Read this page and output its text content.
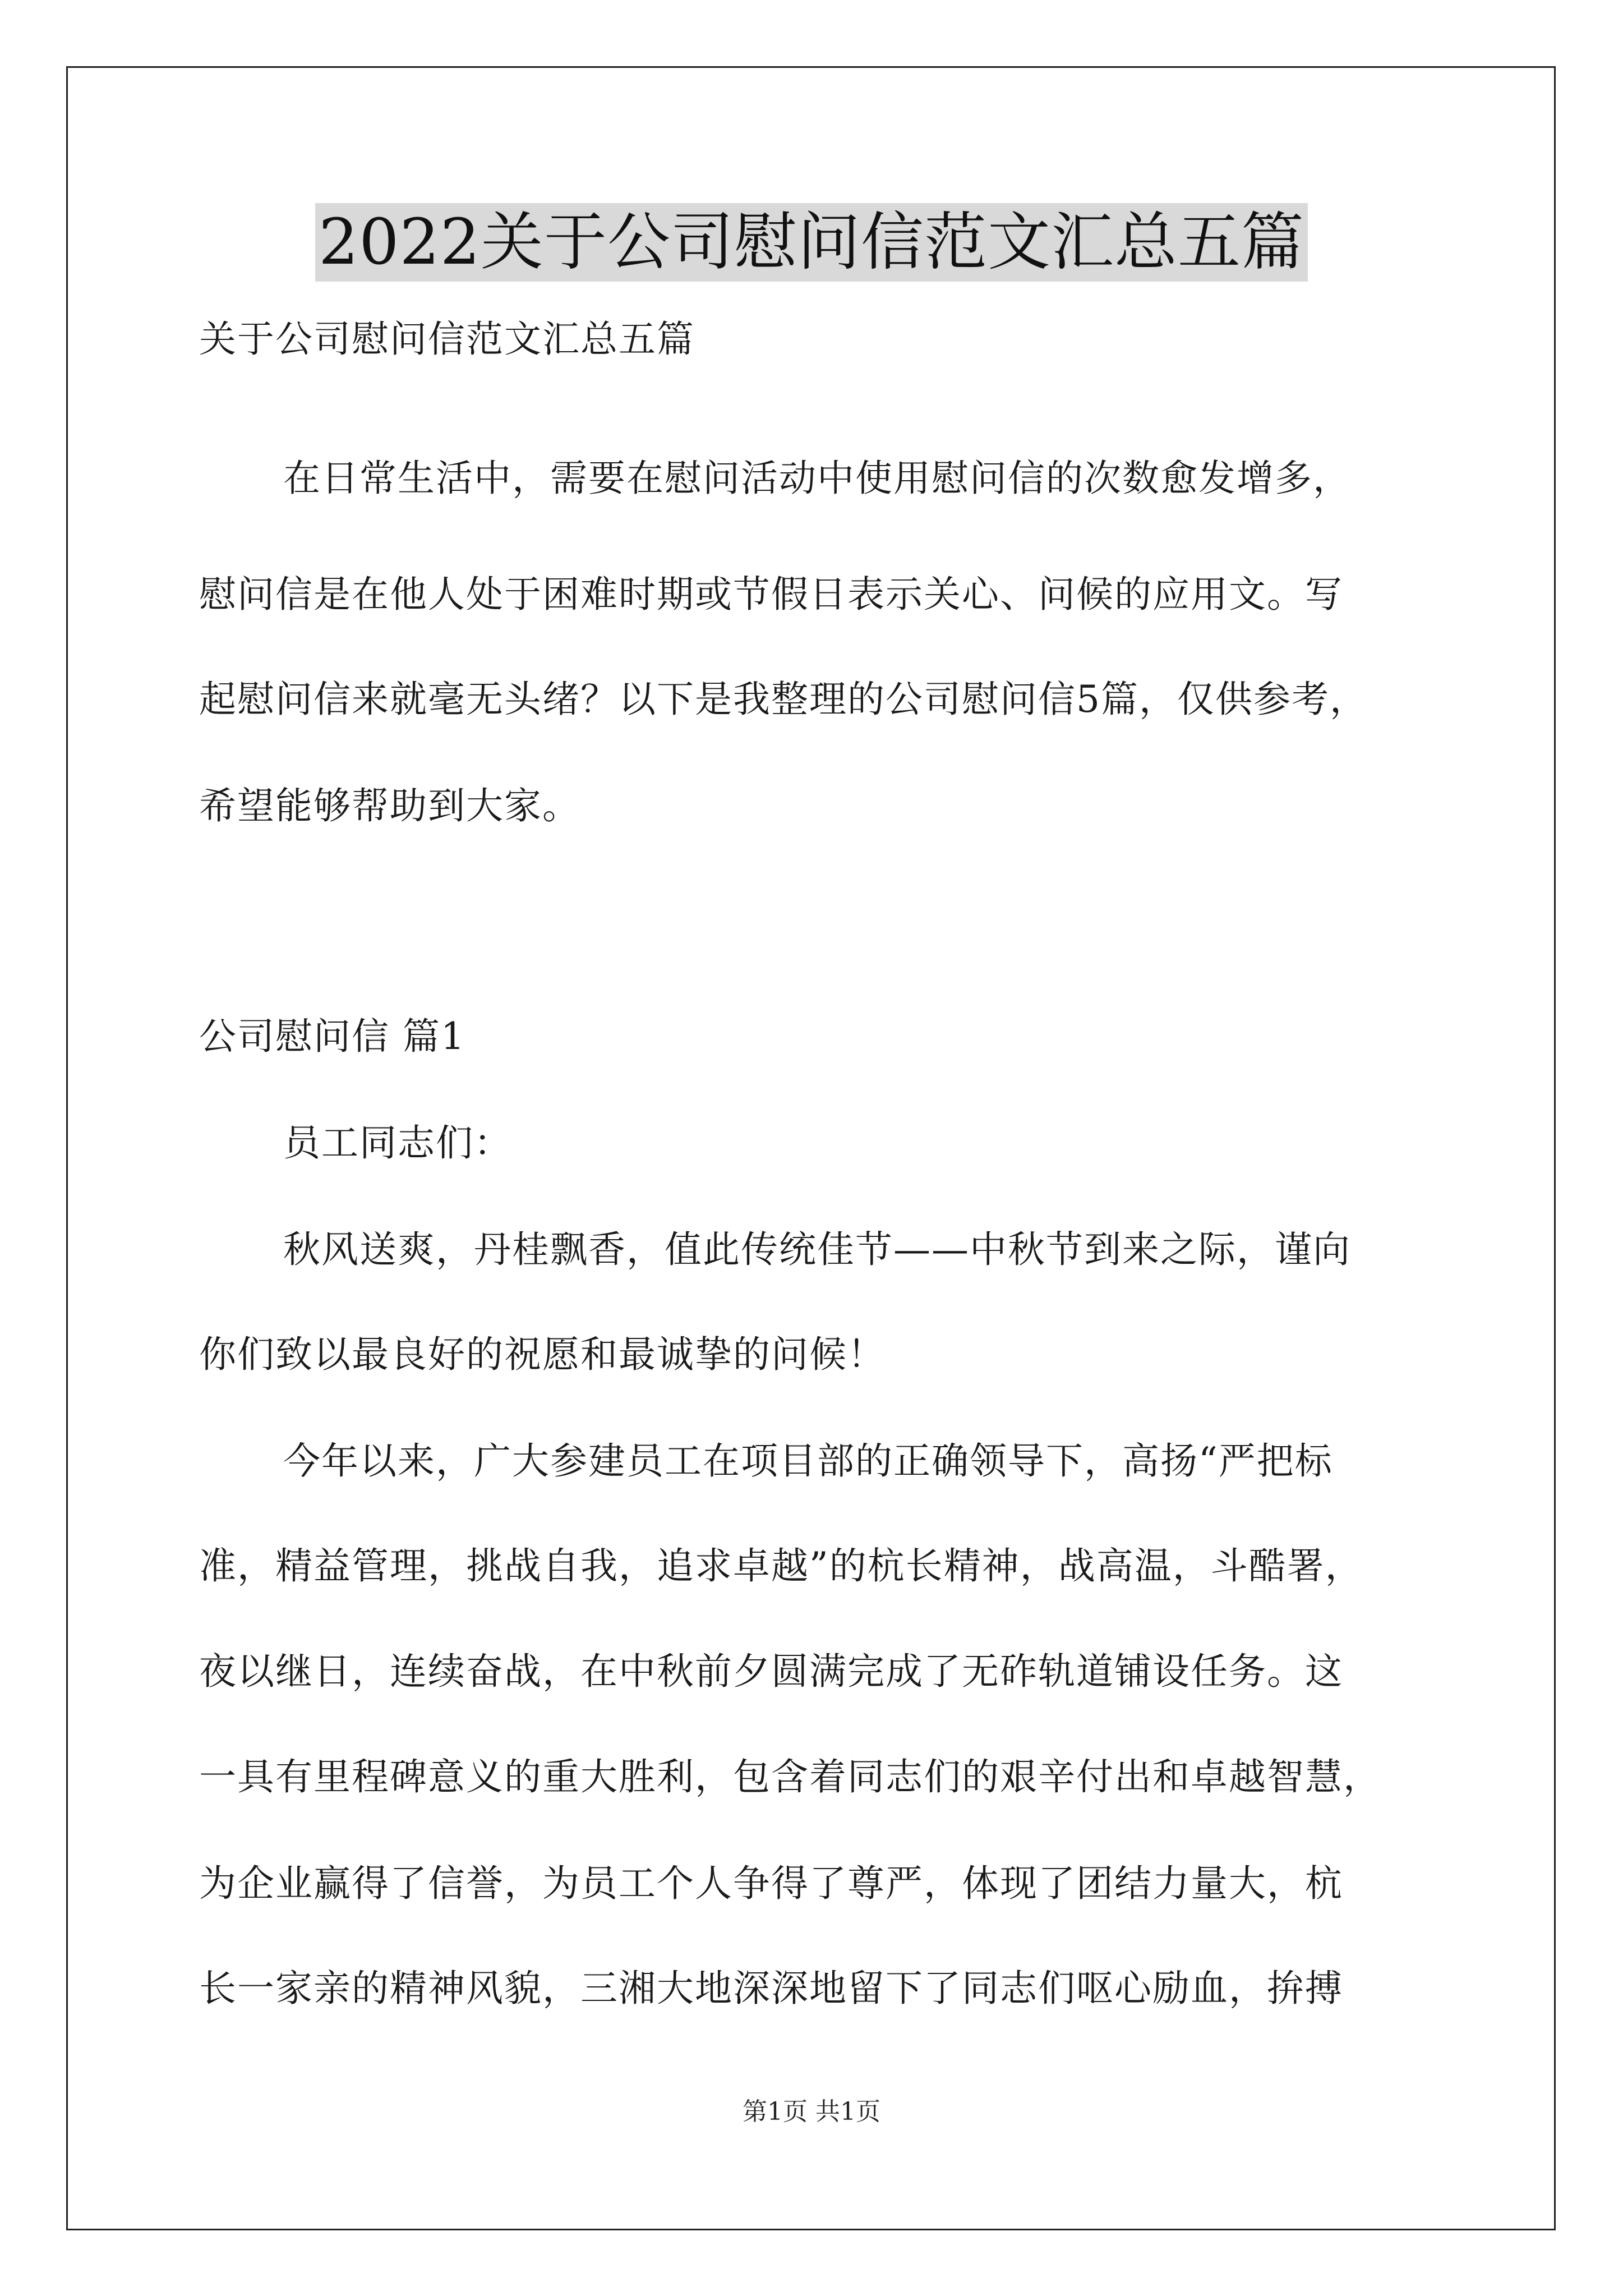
2022关于公司慰问信范文汇总五篇
关于公司慰问信范文汇总五篇
在日常生活中，需要在慰问活动中使用慰问信的次数愈发增多，
慰问信是在他人处于困难时期或节假日表示关心、问候的应用文。写
起慰问信来就毫无头绪？以下是我整理的公司慰问信5篇，仅供参考，
希望能够帮助到大家。
公司慰问信 篇1
员工同志们：
秋风送爽，丹桂飘香，值此传统佳节——中秋节到来之际，谨向
你们致以最良好的祝愿和最诚挚的问候！
今年以来，广大参建员工在项目部的正确领导下，高扬“严把标
准，精益管理，挑战自我，追求卓越”的杭长精神，战高温，斗酷署，
夜以继日，连续奋战，在中秋前夕圆满完成了无砟轨道铺设任务。这
一具有里程碑意义的重大胜利，包含着同志们的艰辛付出和卓越智慧，
为企业赢得了信誉，为员工个人争得了尊严，体现了团结力量大，杭
长一家亲的精神风貌，三湘大地深深地留下了同志们呕心励血，拚搏
第1页 共1页
